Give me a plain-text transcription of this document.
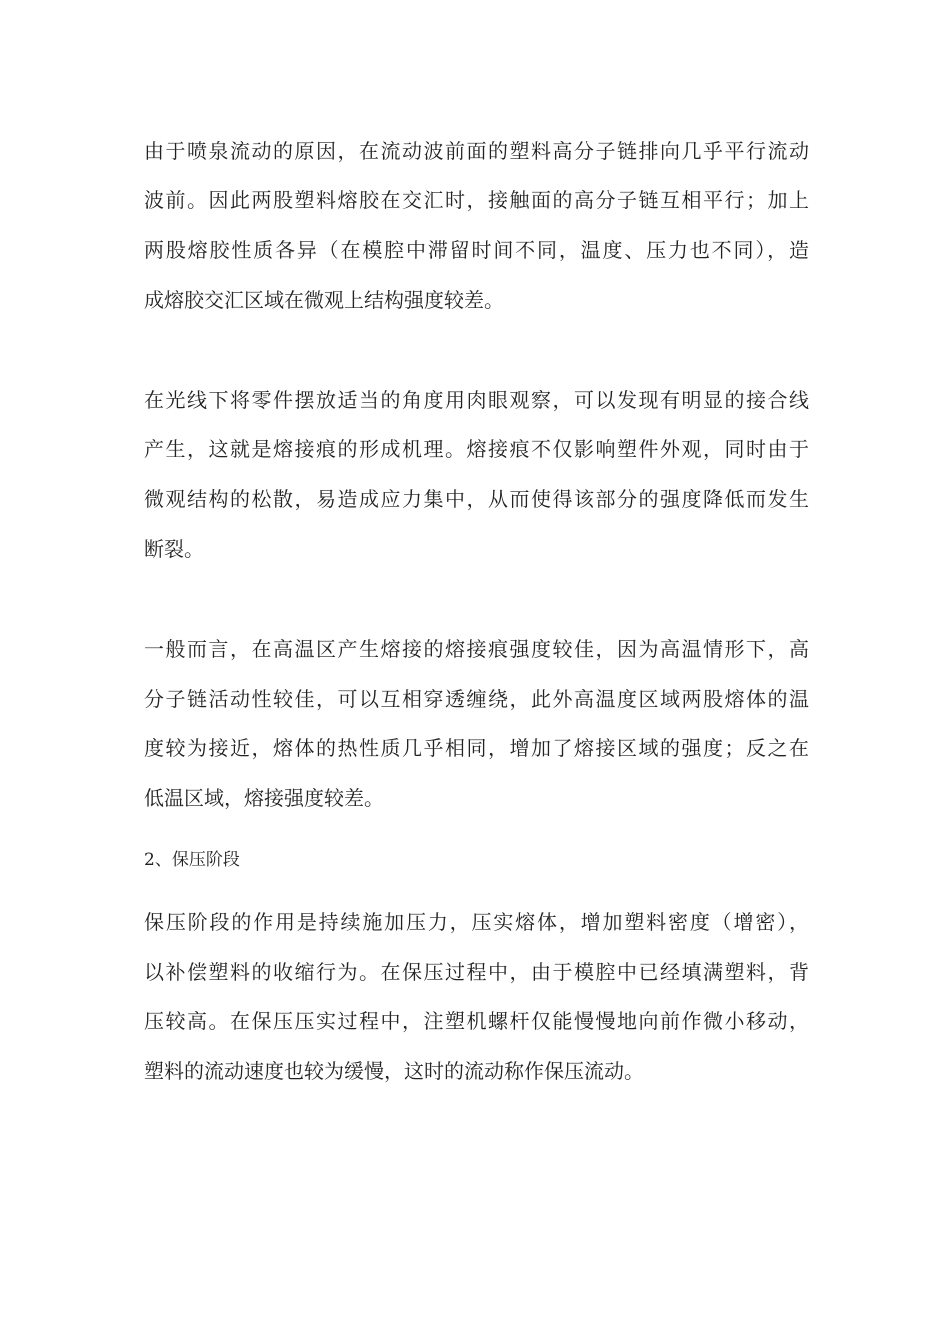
由于喷泉流动的原因，在流动波前面的塑料高分子链排向几乎平行流动
波前。因此两股塑料熔胶在交汇时，接触面的高分子链互相平行；加上
两股熔胶性质各异（在模腔中滞留时间不同，温度、压力也不同），造
成熔胶交汇区域在微观上结构强度较差。
在光线下将零件摆放适当的角度用肉眼观察，可以发现有明显的接合线
产生，这就是熔接痕的形成机理。熔接痕不仅影响塑件外观，同时由于
微观结构的松散，易造成应力集中，从而使得该部分的强度降低而发生
断裂。
一般而言，在高温区产生熔接的熔接痕强度较佳，因为高温情形下，高
分子链活动性较佳，可以互相穿透缠绕，此外高温度区域两股熔体的温
度较为接近，熔体的热性质几乎相同，增加了熔接区域的强度；反之在
低温区域，熔接强度较差。
2、保压阶段
保压阶段的作用是持续施加压力，压实熔体，增加塑料密度（增密），
以补偿塑料的收缩行为。在保压过程中，由于模腔中已经填满塑料，背
压较高。在保压压实过程中，注塑机螺杆仅能慢慢地向前作微小移动，
塑料的流动速度也较为缓慢，这时的流动称作保压流动。
